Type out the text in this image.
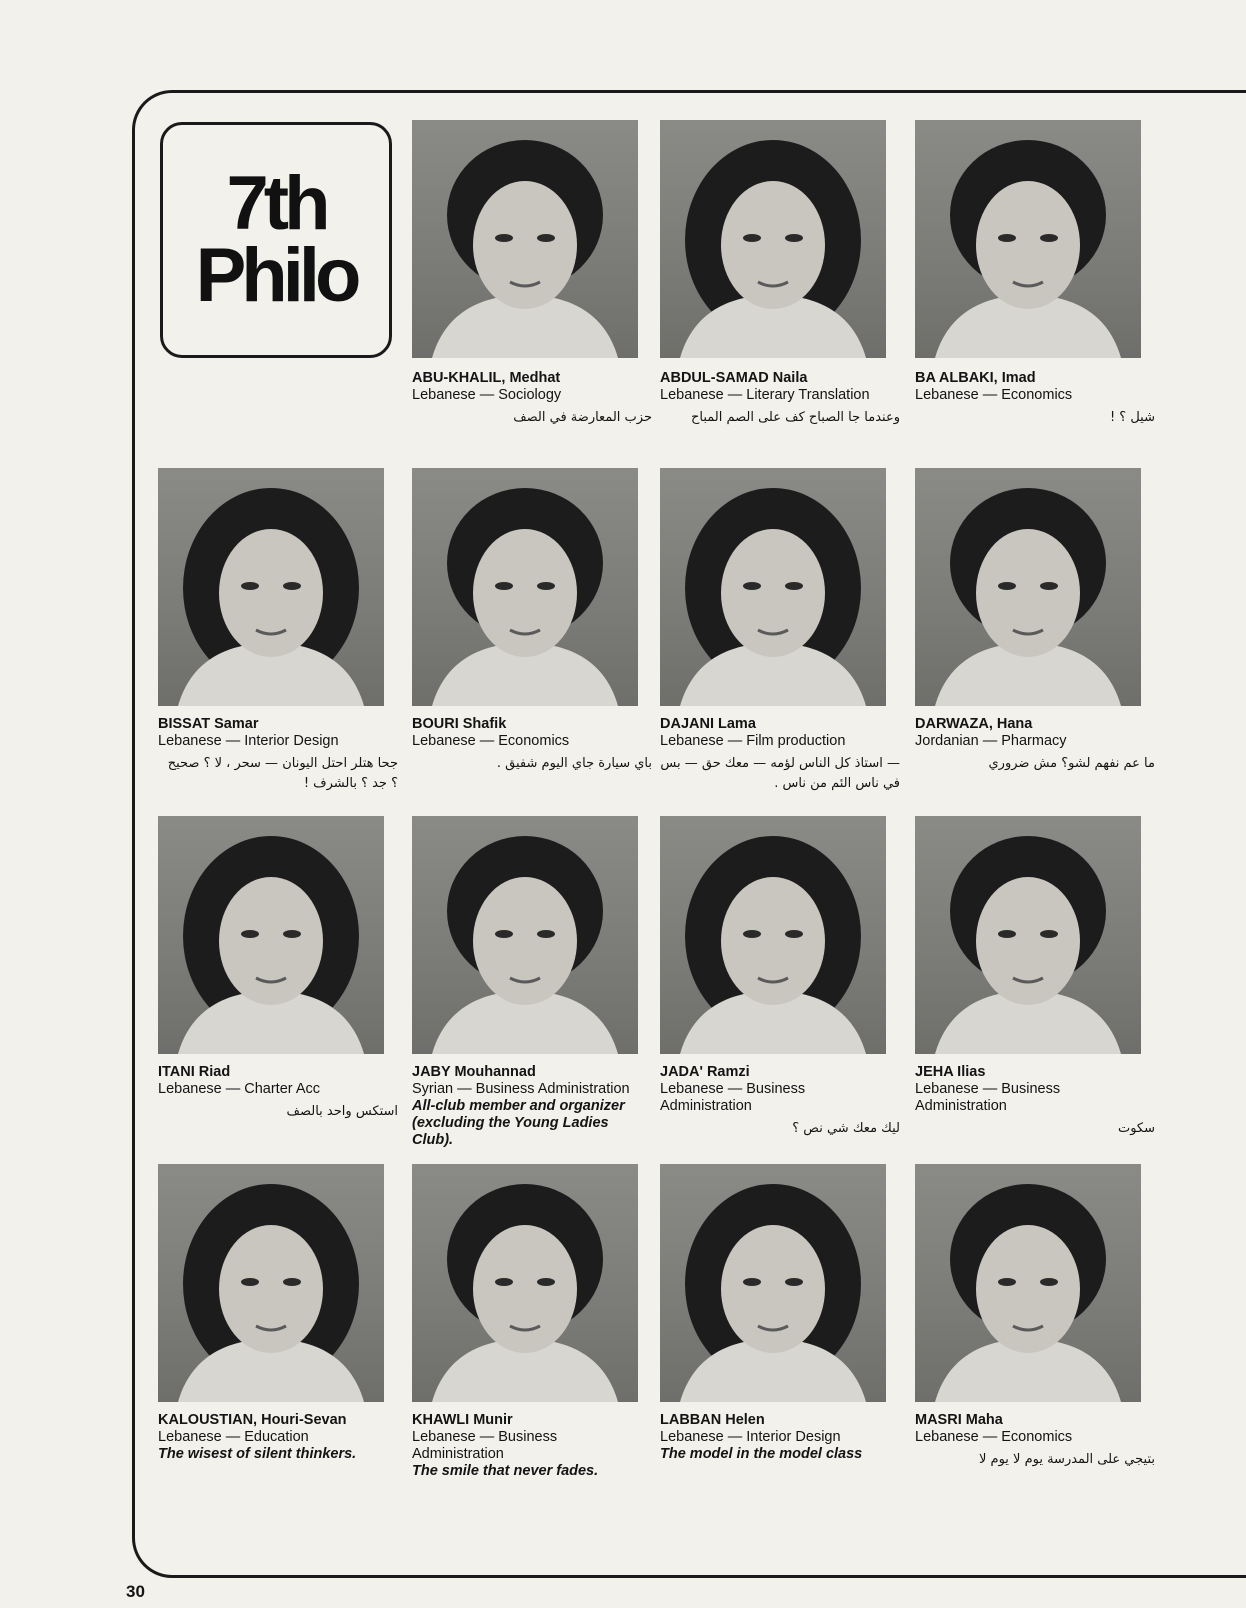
7th
Philo
ABU-KHALIL, Medhat
Lebanese — Sociology
حزب المعارضة في الصف
ABDUL-SAMAD Naila
Lebanese — Literary Translation
وعندما جا الصباح كف على الصم المباح
BA ALBAKI, Imad
Lebanese — Economics
شيل ؟ !
BISSAT Samar
Lebanese — Interior Design
جحا هتلر احتل اليونان — سحر ، لا ؟ صحيح ؟ جد ؟ بالشرف !
BOURI Shafik
Lebanese — Economics
باي سيارة جاي اليوم شفيق .
DAJANI Lama
Lebanese — Film production
— استاذ كل الناس لؤمه — معك حق — بس في ناس الئم من ناس .
DARWAZA, Hana
Jordanian — Pharmacy
ما عم نفهم لشو؟ مش ضروري
ITANI Riad
Lebanese — Charter Acc
استكس واحد بالصف
JABY Mouhannad
Syrian — Business Administration
All-club member and organizer (excluding the Young Ladies Club).
JADA' Ramzi
Lebanese — Business Administration
ليك معك شي نص ؟
JEHA Ilias
Lebanese — Business Administration
سكوت
KALOUSTIAN, Houri-Sevan
Lebanese — Education
The wisest of silent thinkers.
KHAWLI Munir
Lebanese — Business Administration
The smile that never fades.
LABBAN Helen
Lebanese — Interior Design
The model in the model class
MASRI Maha
Lebanese — Economics
بتيجي على المدرسة يوم لا يوم لا
30
